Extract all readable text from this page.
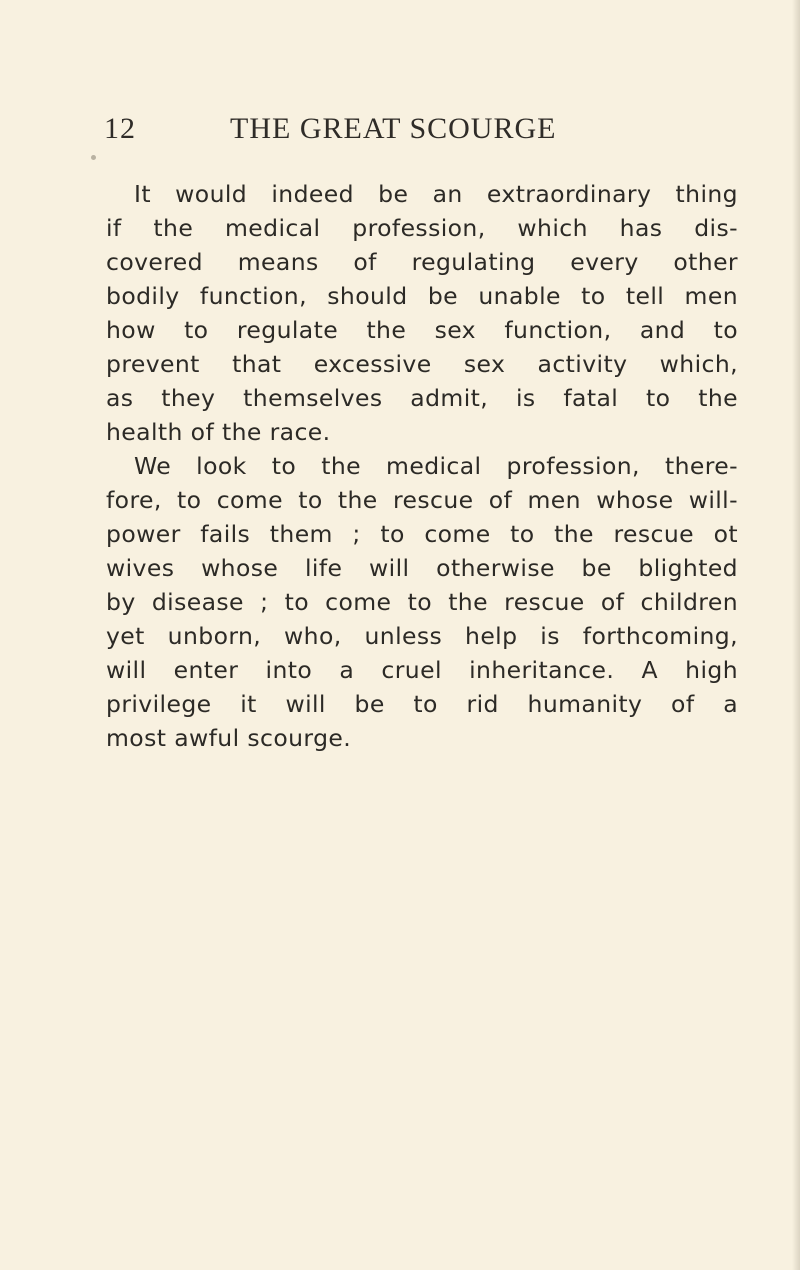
12	THE GREAT SCOURGE
It would indeed be an extraordinary thing
if the medical profession, which has dis-
covered means of regulating every other
bodily function, should be unable to tell men
how to regulate the sex function, and to
prevent that excessive sex activity which,
as they themselves admit, is fatal to the
health of the race.
We look to the medical profession, there-
fore, to come to the rescue of men whose will-
power fails them ; to come to the rescue ot
wives whose life will otherwise be blighted
by disease ; to come to the rescue of children
yet unborn, who, unless help is forthcoming,
will enter into a cruel inheritance. A high
privilege it will be to rid humanity of a
most awful scourge.
